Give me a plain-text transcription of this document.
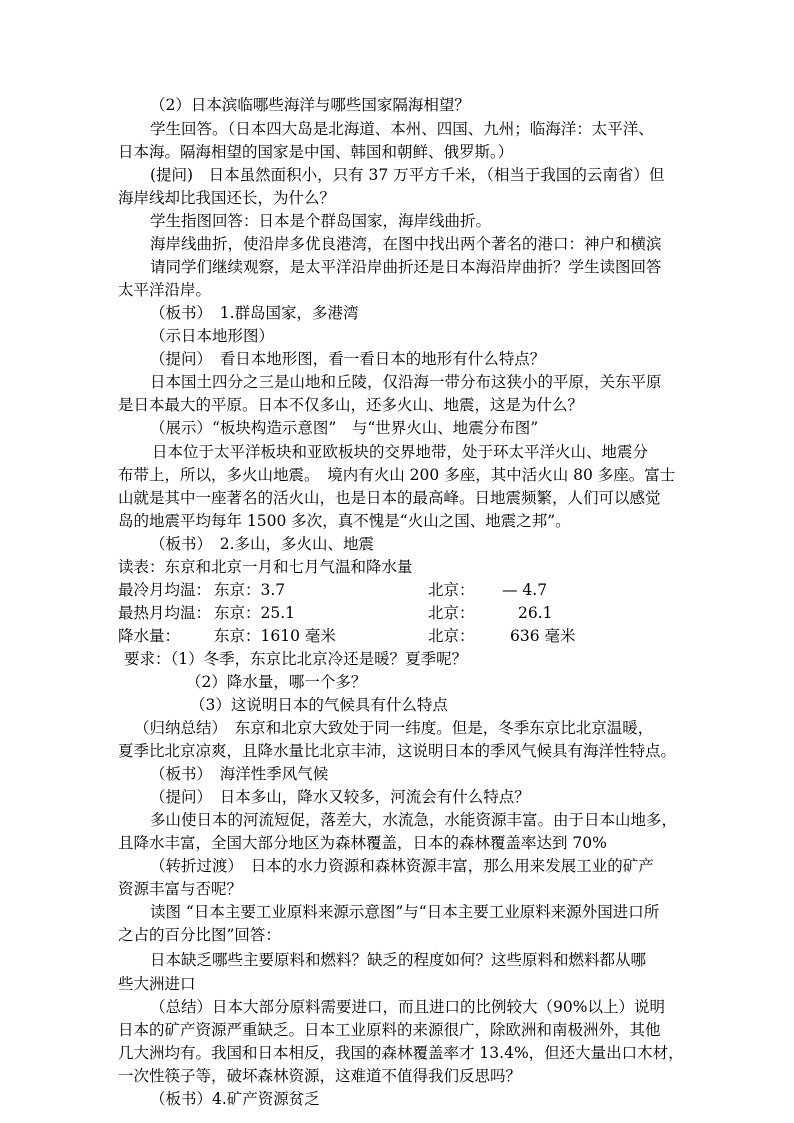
（2）日本滨临哪些海洋与哪些国家隔海相望？
学生回答。（日本四大岛是北海道、本州、四国、九州；临海洋：太平洋、
日本海。隔海相望的国家是中国、韩国和朝鲜、俄罗斯。）
(提问)　日本虽然面积小，只有 37 万平方千米，（相当于我国的云南省）但
海岸线却比我国还长，为什么？
学生指图回答：日本是个群岛国家，海岸线曲折。
海岸线曲折，使沿岸多优良港湾，在图中找出两个著名的港口：神户和横滨
请同学们继续观察，是太平洋沿岸曲折还是日本海沿岸曲折？学生读图回答
太平洋沿岸。
（板书）　1.群岛国家，多港湾
（示日本地形图）
（提问）　看日本地形图，看一看日本的地形有什么特点？
日本国土四分之三是山地和丘陵，仅沿海一带分布这狭小的平原，关东平原
是日本最大的平原。日本不仅多山，还多火山、地震，这是为什么？
（展示）“板块构造示意图”　与“世界火山、地震分布图”
日本位于太平洋板块和亚欧板块的交界地带，处于环太平洋火山、地震分
布带上，所以，多火山地震。　境内有火山 200 多座，其中活火山 80 多座。富士
山就是其中一座著名的活火山，也是日本的最高峰。日地震频繁，人们可以感觉
岛的地震平均每年 1500 多次，真不愧是“火山之国、地震之邦”。
（板书）　2.多山，多火山、地震
读表：东京和北京一月和七月气温和降水量
最冷月均温： 东京：3.7	北京： — 4.7
最热月均温： 东京：25.1	北京：	26.1
降水量： 东京：1610 毫米	北京： 636 毫米
要求：（1）冬季，东京比北京冷还是暖？夏季呢？
（2）降水量，哪一个多？
（3）这说明日本的气候具有什么特点
（归纳总结）　东京和北京大致处于同一纬度。但是，冬季东京比北京温暖，
夏季比北京凉爽，且降水量比北京丰沛，这说明日本的季风气候具有海洋性特点。
（板书）　海洋性季风气候
（提问）　日本多山，降水又较多，河流会有什么特点？
多山使日本的河流短促，落差大，水流急，水能资源丰富。由于日本山地多，
且降水丰富，全国大部分地区为森林覆盖，日本的森林覆盖率达到 70%
（转折过渡）　日本的水力资源和森林资源丰富，那么用来发展工业的矿产
资源丰富与否呢？
读图 “日本主要工业原料来源示意图”与“日本主要工业原料来源外国进口所
之占的百分比图”回答：
日本缺乏哪些主要原料和燃料？缺乏的程度如何？这些原料和燃料都从哪
些大洲进口
（总结）日本大部分原料需要进口，而且进口的比例较大（90%以上）说明
日本的矿产资源严重缺乏。日本工业原料的来源很广，除欧洲和南极洲外，其他
几大洲均有。我国和日本相反，我国的森林覆盖率才 13.4%，但还大量出口木材，
一次性筷子等，破坏森林资源，这难道不值得我们反思吗？
（板书）4.矿产资源贫乏
